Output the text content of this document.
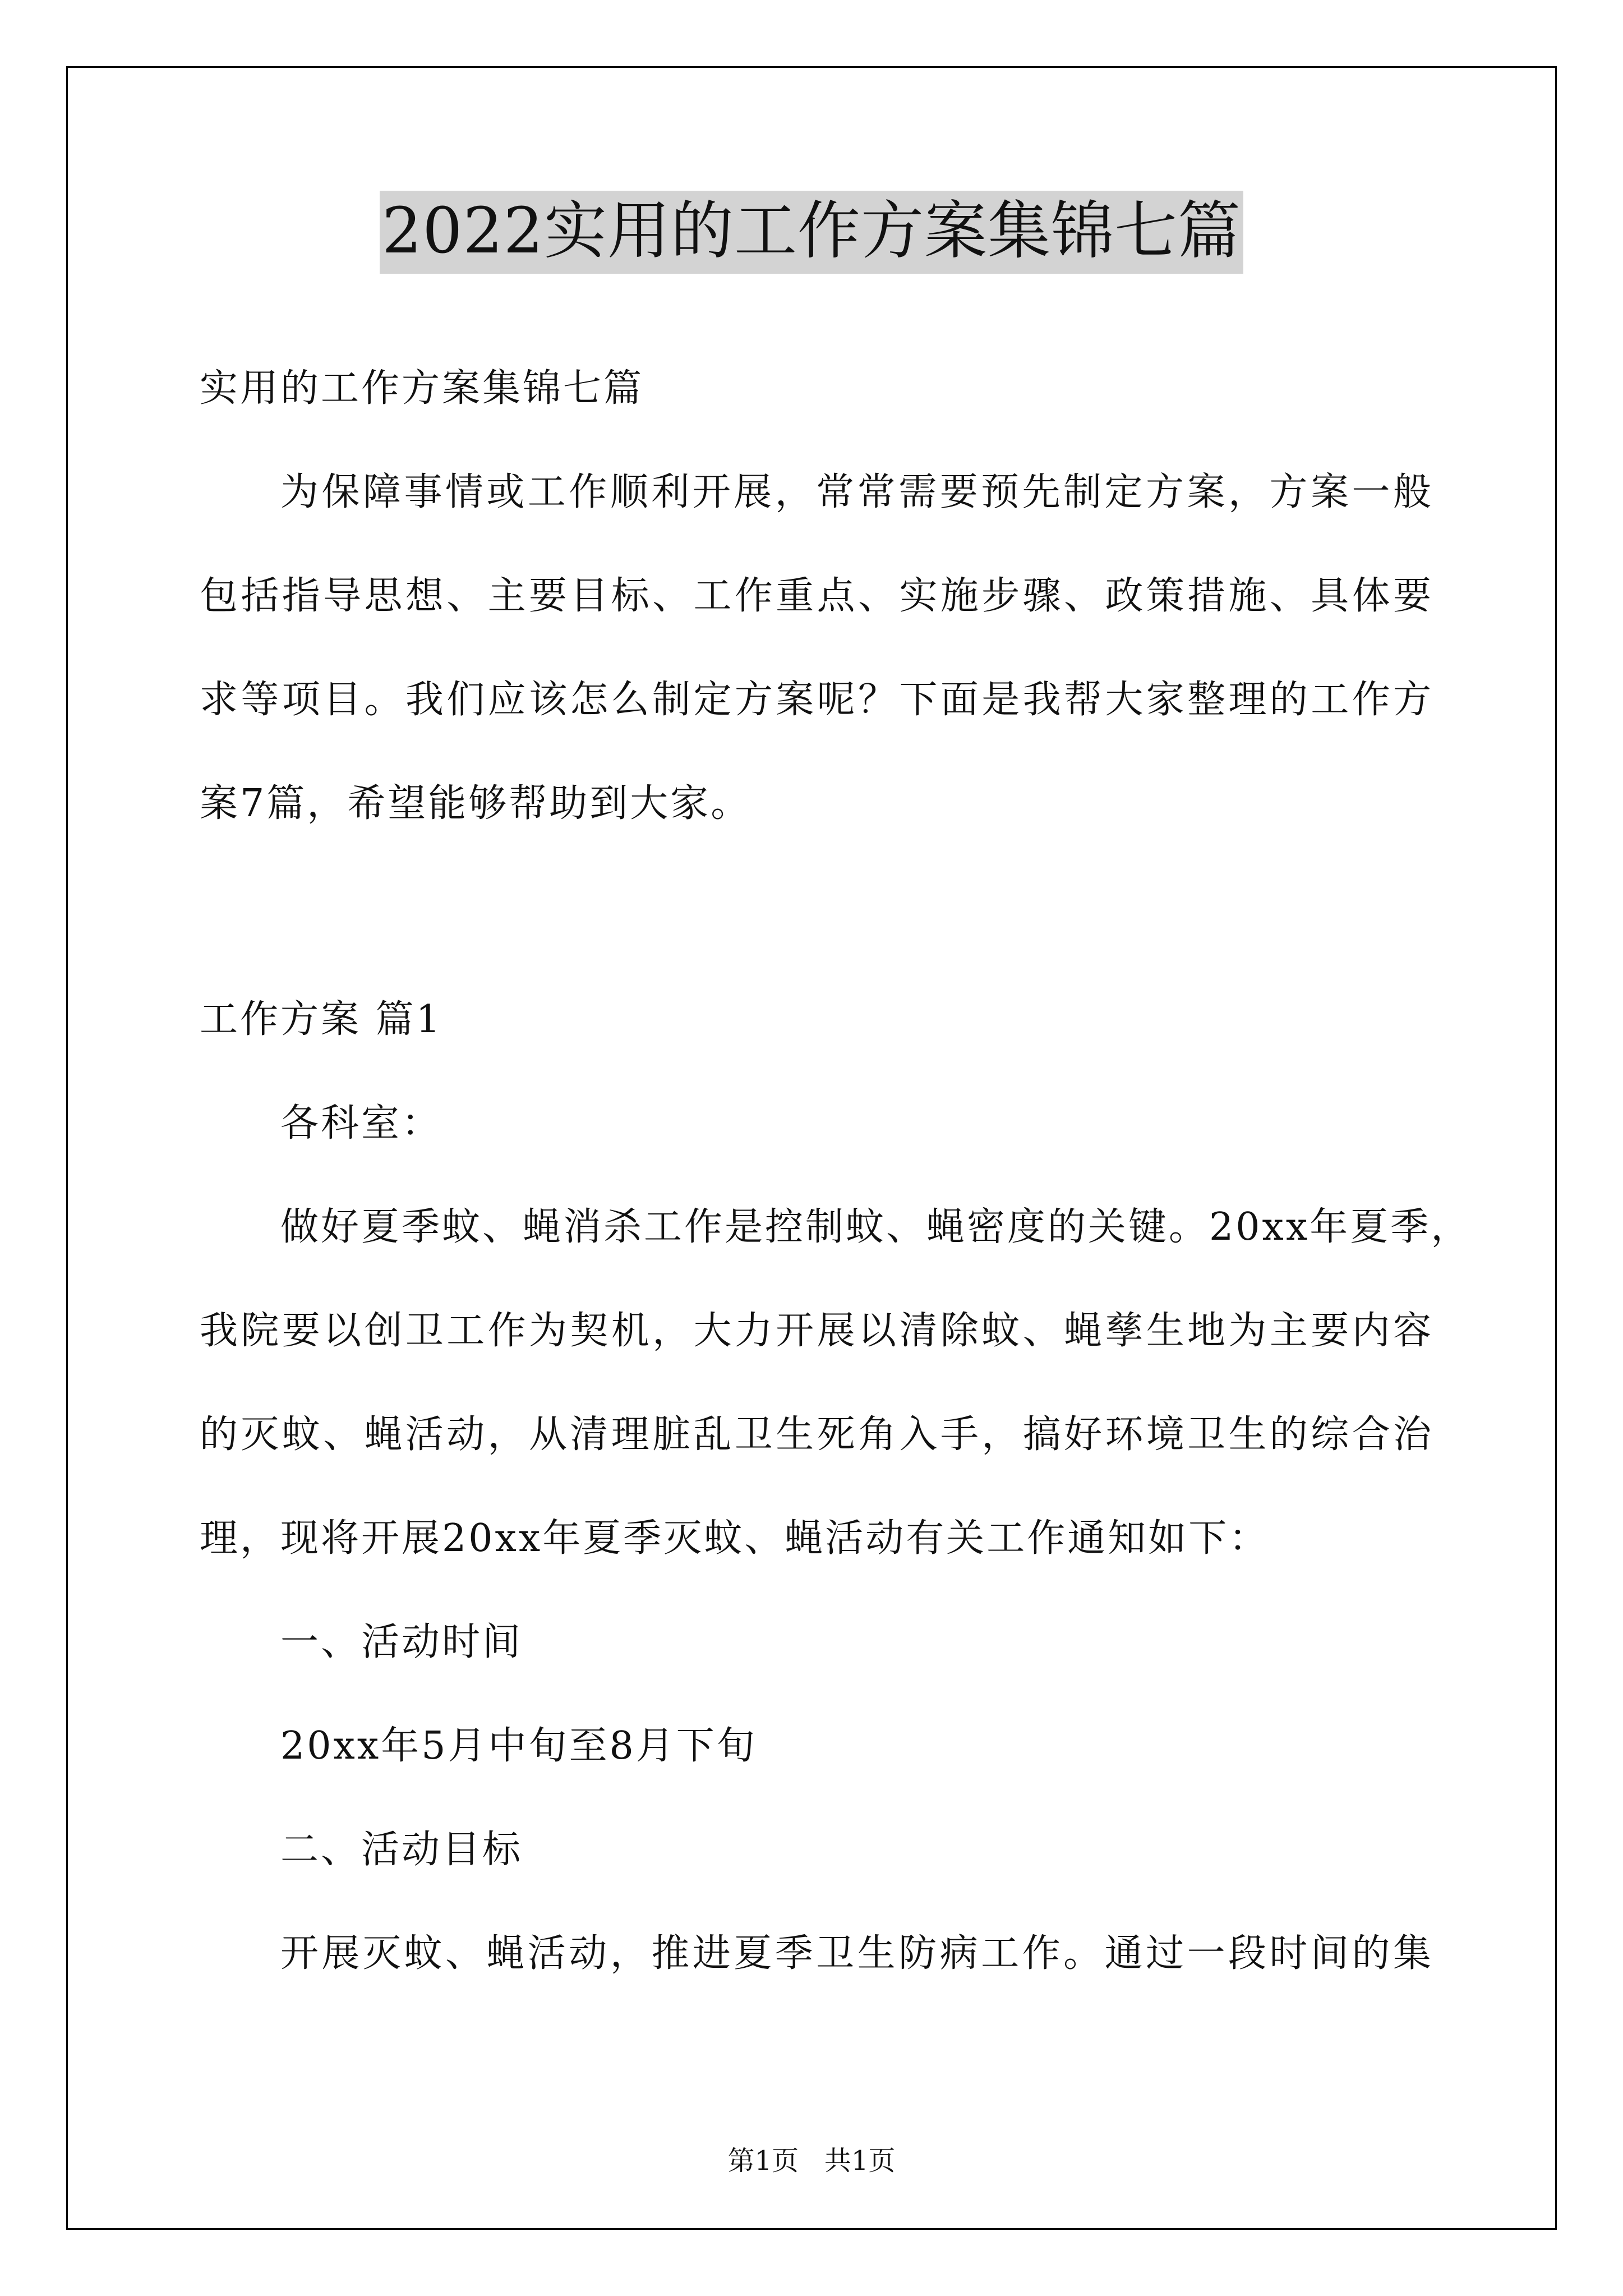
2022实用的工作方案集锦七篇

实用的工作方案集锦七篇

为保障事情或工作顺利开展，常常需要预先制定方案，方案一般

包括指导思想、主要目标、工作重点、实施步骤、政策措施、具体要

求等项目。我们应该怎么制定方案呢？下面是我帮大家整理的工作方

案7篇，希望能够帮助到大家。

工作方案 篇1

各科室：

做好夏季蚊、蝇消杀工作是控制蚊、蝇密度的关键。20xx年夏季，

我院要以创卫工作为契机，大力开展以清除蚊、蝇孳生地为主要内容

的灭蚊、蝇活动，从清理脏乱卫生死角入手，搞好环境卫生的综合治

理，现将开展20xx年夏季灭蚊、蝇活动有关工作通知如下：

一、活动时间

20xx年5月中旬至8月下旬

二、活动目标

开展灭蚊、蝇活动，推进夏季卫生防病工作。通过一段时间的集

第1页   共1页
